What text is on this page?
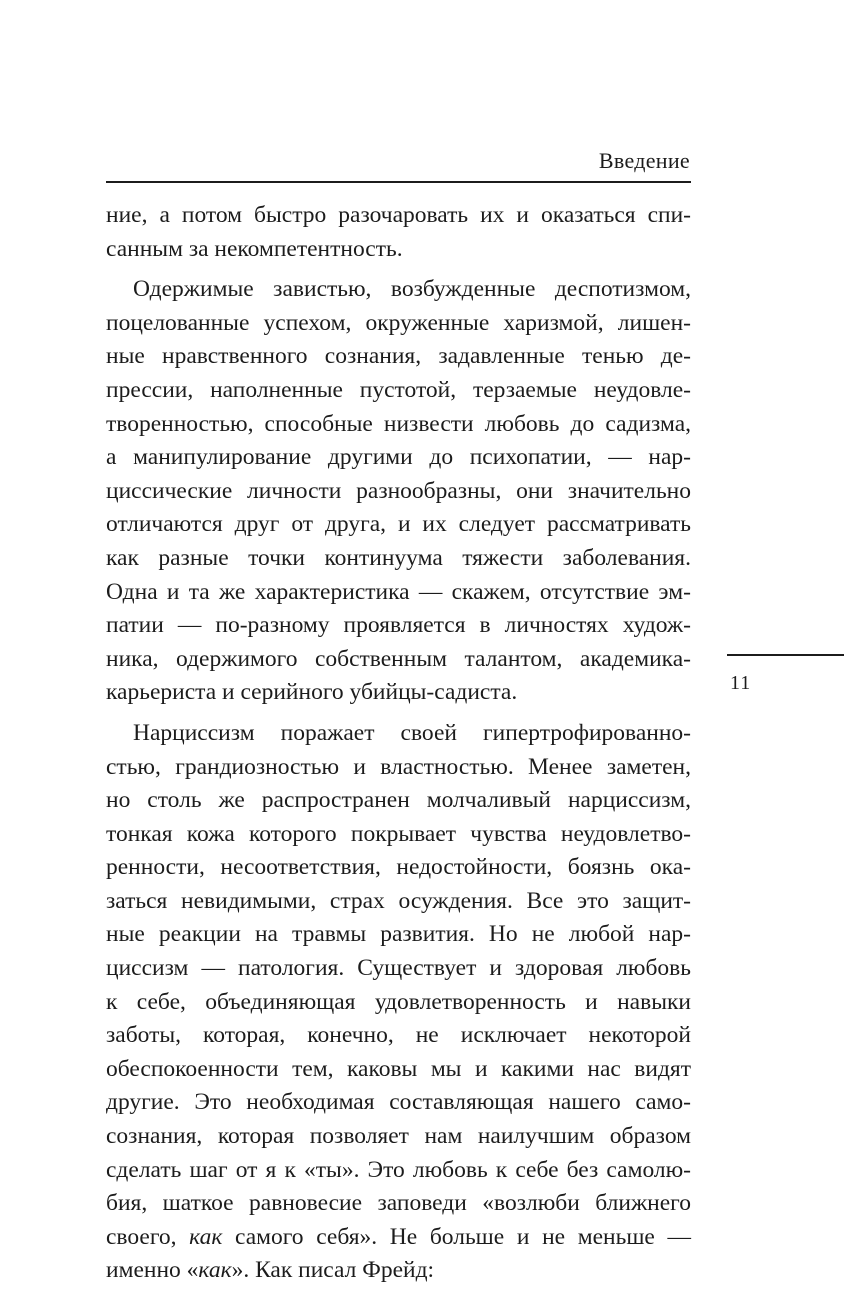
Введение
ние, а потом быстро разочаровать их и оказаться спи-
санным за некомпетентность.
Одержимые завистью, возбужденные деспотизмом,
поцелованные успехом, окруженные харизмой, лишен-
ные нравственного сознания, задавленные тенью де-
прессии, наполненные пустотой, терзаемые неудовле-
творенностью, способные низвести любовь до садизма,
а манипулирование другими до психопатии, — нар-
циссические личности разнообразны, они значительно
отличаются друг от друга, и их следует рассматривать
как разные точки континуума тяжести заболевания.
Одна и та же характеристика — скажем, отсутствие эм-
патии — по-разному проявляется в личностях худож-
ника, одержимого собственным талантом, академика-
карьериста и серийного убийцы-садиста.
Нарциссизм поражает своей гипертрофированно-
стью, грандиозностью и властностью. Менее заметен,
но столь же распространен молчаливый нарциссизм,
тонкая кожа которого покрывает чувства неудовлетво-
ренности, несоответствия, недостойности, боязнь ока-
заться невидимыми, страх осуждения. Все это защит-
ные реакции на травмы развития. Но не любой нар-
циссизм — патология. Существует и здоровая любовь
к себе, объединяющая удовлетворенность и навыки
заботы, которая, конечно, не исключает некоторой
обеспокоенности тем, каковы мы и какими нас видят
другие. Это необходимая составляющая нашего само-
сознания, которая позволяет нам наилучшим образом
сделать шаг от я к «ты». Это любовь к себе без самолю-
бия, шаткое равновесие заповеди «возлюби ближнего
своего, как самого себя». Не больше и не меньше —
именно «как». Как писал Фрейд:
11
